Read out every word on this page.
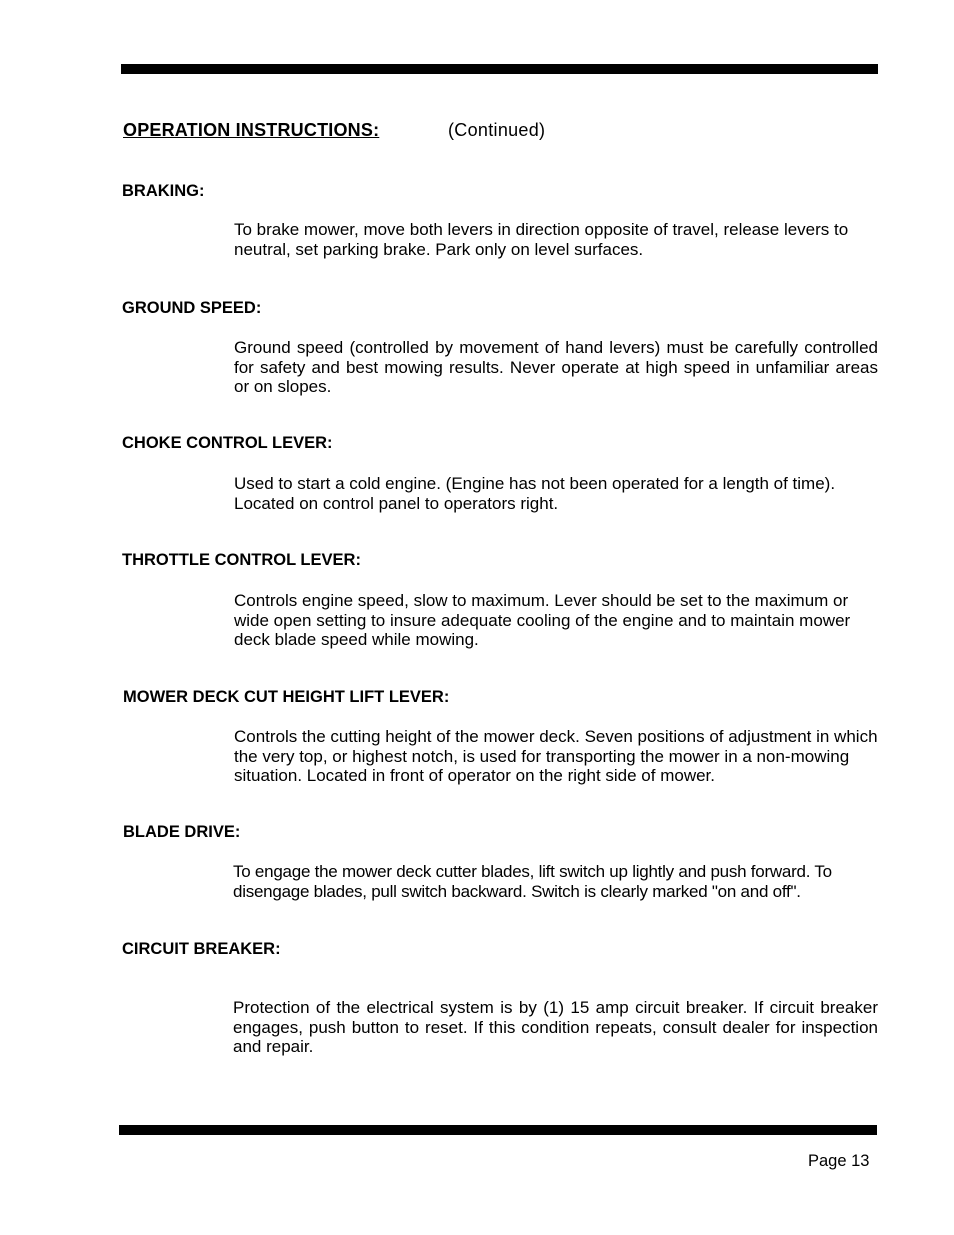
OPERATION INSTRUCTIONS:	(Continued)
BRAKING:
To brake mower, move both levers in direction opposite of travel, release levers to neutral, set parking brake. Park only on level surfaces.
GROUND SPEED:
Ground speed (controlled by movement of hand levers) must be carefully controlled for safety and best mowing results. Never operate at high speed in unfamiliar areas or on slopes.
CHOKE CONTROL LEVER:
Used to start a cold engine. (Engine has not been operated for a length of time). Located on control panel to operators right.
THROTTLE CONTROL LEVER:
Controls engine speed, slow to maximum. Lever should be set to the maximum or wide open setting to insure adequate cooling of the engine and to maintain mower deck blade speed while mowing.
MOWER DECK CUT HEIGHT LIFT LEVER:
Controls the cutting height of the mower deck. Seven positions of adjustment in which the very top, or highest notch, is used for transporting the mower in a non-mowing situation. Located in front of operator on the right side of mower.
BLADE DRIVE:
To engage the mower deck cutter blades, lift switch up lightly and push forward. To disengage blades, pull switch backward. Switch is clearly marked "on and off".
CIRCUIT BREAKER:
Protection of the electrical system is by (1) 15 amp circuit breaker. If circuit breaker engages, push button to reset. If this condition repeats, consult dealer for inspection and repair.
Page 13
